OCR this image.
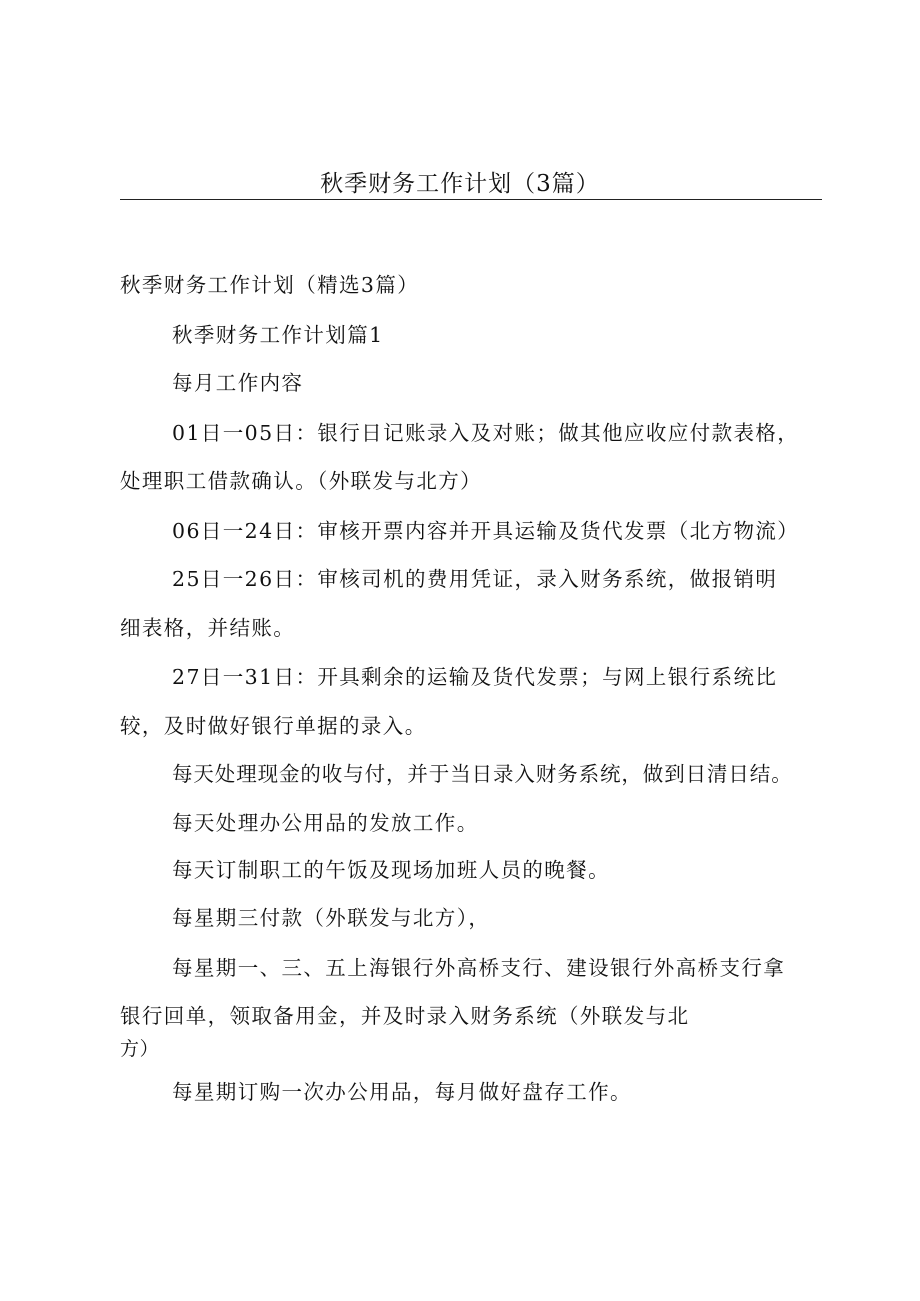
秋季财务工作计划（3篇）
秋季财务工作计划（精选3篇）
秋季财务工作计划篇1
每月工作内容
01日一05日：银行日记账录入及对账；做其他应收应付款表格，
处理职工借款确认。（外联发与北方）
06日一24日：审核开票内容并开具运输及货代发票（北方物流）
25日一26日：审核司机的费用凭证，录入财务系统，做报销明
细表格，并结账。
27日一31日：开具剩余的运输及货代发票；与网上银行系统比
较，及时做好银行单据的录入。
每天处理现金的收与付，并于当日录入财务系统，做到日清日结。
每天处理办公用品的发放工作。
每天订制职工的午饭及现场加班人员的晚餐。
每星期三付款（外联发与北方），
每星期一、三、五上海银行外高桥支行、建设银行外高桥支行拿
银行回单，领取备用金，并及时录入财务系统（外联发与北
方）
每星期订购一次办公用品，每月做好盘存工作。
